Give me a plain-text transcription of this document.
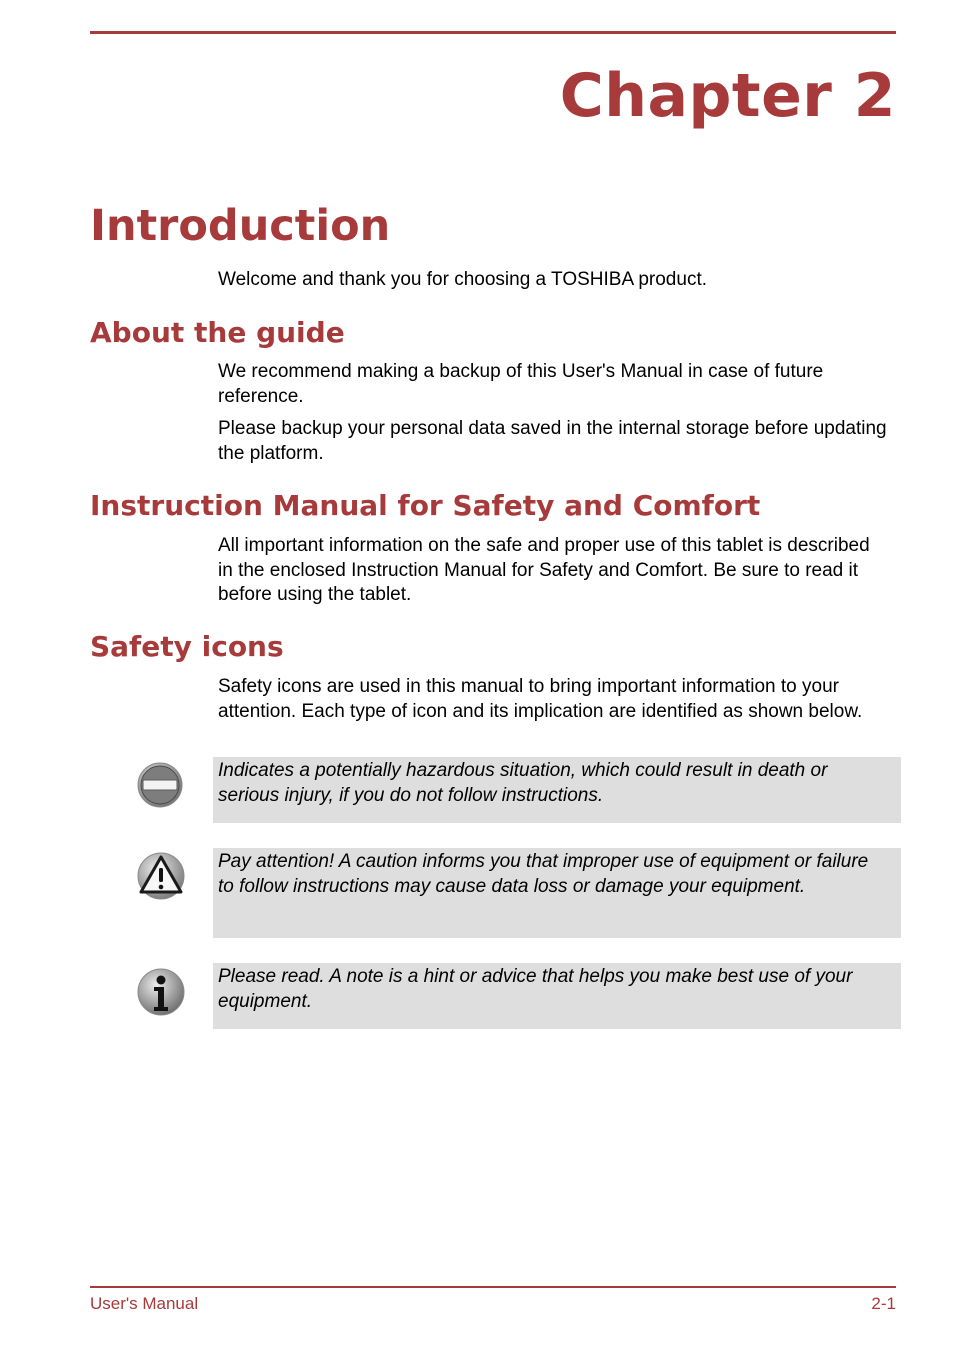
Chapter 2
Introduction
Welcome and thank you for choosing a TOSHIBA product.
About the guide
We recommend making a backup of this User's Manual in case of future reference.
Please backup your personal data saved in the internal storage before updating the platform.
Instruction Manual for Safety and Comfort
All important information on the safe and proper use of this tablet is described in the enclosed Instruction Manual for Safety and Comfort. Be sure to read it before using the tablet.
Safety icons
Safety icons are used in this manual to bring important information to your attention. Each type of icon and its implication are identified as shown below.
Indicates a potentially hazardous situation, which could result in death or serious injury, if you do not follow instructions.
Pay attention! A caution informs you that improper use of equipment or failure to follow instructions may cause data loss or damage your equipment.
Please read. A note is a hint or advice that helps you make best use of your equipment.
User's Manual	2-1
